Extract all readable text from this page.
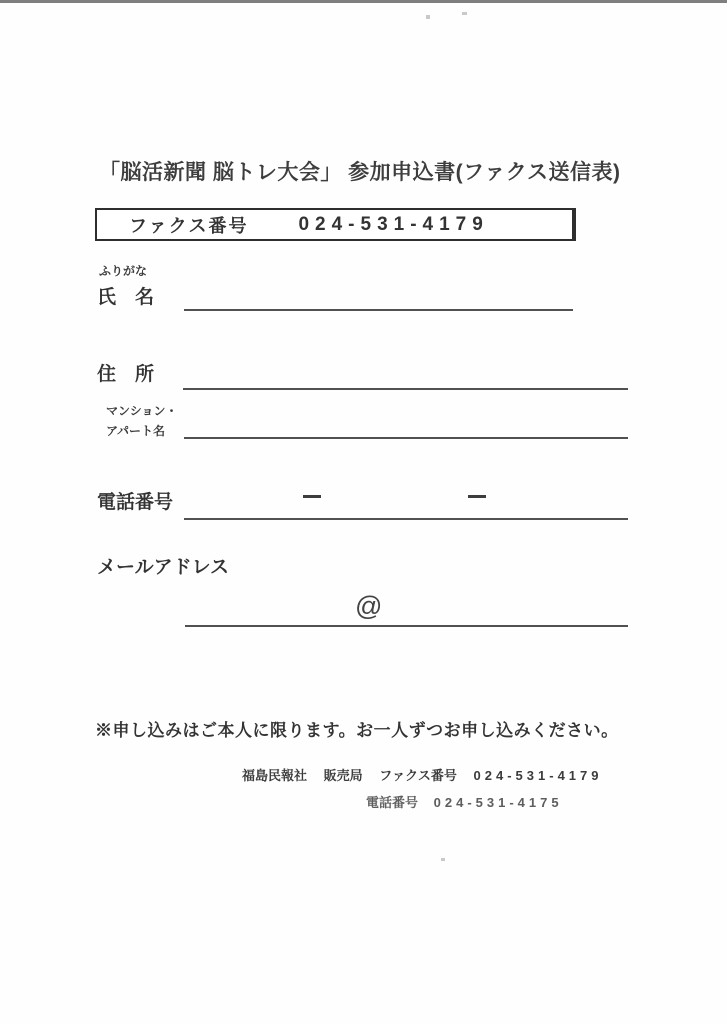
「脳活新聞 脳トレ大会」 参加申込書(ファクス送信表)
ファクス番号	024-531-4179
ふりがな
氏　名
住　所
マンション・
アパート名
電話番号
メールアドレス
@
※申し込みはご本人に限ります。お一人ずつお申し込みください。
福島民報社 販売局 ファクス番号 024-531-4179
電話番号 024-531-4175
